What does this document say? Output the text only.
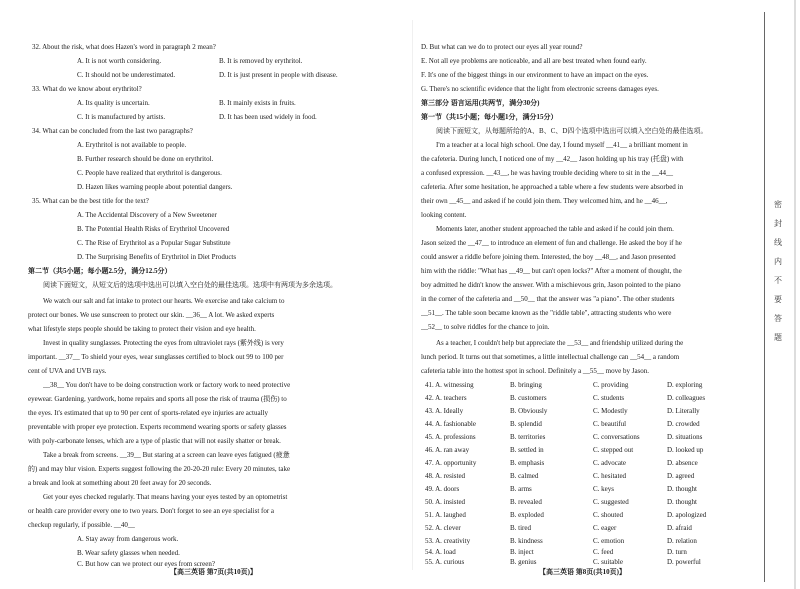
32. About the risk, what does Hazen's word in paragraph 2 mean?
A. It is not worth considering.	B. It is removed by erythritol.
C. It should not be underestimated.	D. It is just present in people with disease.
33. What do we know about erythritol?
A. Its quality is uncertain.	B. It mainly exists in fruits.
C. It is manufactured by artists.	D. It has been used widely in food.
34. What can be concluded from the last two paragraphs?
A. Erythritol is not available to people.
B. Further research should be done on erythritol.
C. People have realized that erythritol is dangerous.
D. Hazen likes warning people about potential dangers.
35. What can be the best title for the text?
A. The Accidental Discovery of a New Sweetener
B. The Potential Health Risks of Erythritol Uncovered
C. The Rise of Erythritol as a Popular Sugar Substitute
D. The Surprising Benefits of Erythritol in Diet Products
第二节（共5小题；每小题2.5分，满分12.5分）
阅读下面短文，从短文后的选项中选出可以填入空白处的最佳选项。选项中有两项为多余选项。
We watch our salt and fat intake to protect our hearts. We exercise and take calcium to
protect our bones. We use sunscreen to protect our skin. __36__ A lot. We asked experts
what lifestyle steps people should be taking to protect their vision and eye health.
Invest in quality sunglasses. Protecting the eyes from ultraviolet rays (紫外线) is very
important. __37__ To shield your eyes, wear sunglasses certified to block out 99 to 100 per
cent of UVA and UVB rays.
__38__ You don't have to be doing construction work or factory work to need protective
eyewear. Gardening, yardwork, home repairs and sports all pose the risk of trauma (损伤) to
the eyes. It's estimated that up to 90 per cent of sports-related eye injuries are actually
preventable with proper eye protection. Experts recommend wearing sports or safety glasses
with poly-carbonate lenses, which are a type of plastic that will not easily shatter or break.
Take a break from screens. __39__ But staring at a screen can leave eyes fatigued (疲惫
的) and may blur vision. Experts suggest following the 20-20-20 rule: Every 20 minutes, take
a break and look at something about 20 feet away for 20 seconds.
Get your eyes checked regularly. That means having your eyes tested by an optometrist
or health care provider every one to two years. Don't forget to see an eye specialist for a
checkup regularly, if possible. __40__
A. Stay away from dangerous work.
B. Wear safety glasses when needed.
C. But how can we protect our eyes from screen?
【高三英语 第7页(共10页)】
D. But what can we do to protect our eyes all year round?
E. Not all eye problems are noticeable, and all are best treated when found early.
F. It's one of the biggest things in our environment to have an impact on the eyes.
G. There's no scientific evidence that the light from electronic screens damages eyes.
第三部分 语言运用(共两节，满分30分)
第一节（共15小题；每小题1分，满分15分）
阅读下面短文，从每题所给的A、B、C、D四个选项中选出可以填入空白处的最佳选项。
I'm a teacher at a local high school. One day, I found myself __41__ a brilliant moment in
the cafeteria. During lunch, I noticed one of my __42__ Jason holding up his tray (托盘) with
a confused expression. __43__, he was having trouble deciding where to sit in the __44__
cafeteria. After some hesitation, he approached a table where a few students were absorbed in
their own __45__ and asked if he could join them. They welcomed him, and he __46__,
looking content.
Moments later, another student approached the table and asked if he could join them.
Jason seized the __47__ to introduce an element of fun and challenge. He asked the boy if he
could answer a riddle before joining them. Interested, the boy __48__, and Jason presented
him with the riddle: "What has __49__ but can't open locks?" After a moment of thought, the
boy admitted he didn't know the answer. With a mischievous grin, Jason pointed to the piano
in the corner of the cafeteria and __50__ that the answer was "a piano". The other students
__51__. The table soon became known as the "riddle table", attracting students who were
__52__ to solve riddles for the chance to join.
As a teacher, I couldn't help but appreciate the __53__ and friendship utilized during the
lunch period. It turns out that sometimes, a little intellectual challenge can __54__ a random
cafeteria table into the hottest spot in school. Definitely a __55__ move by Jason.
41. A. witnessing	B. bringing	C. providing	D. exploring
42. A. teachers	B. customers	C. students	D. colleagues
43. A. Ideally	B. Obviously	C. Modestly	D. Literally
44. A. fashionable	B. splendid	C. beautiful	D. crowded
45. A. professions	B. territories	C. conversations	D. situations
46. A. ran away	B. settled in	C. stepped out	D. looked up
47. A. opportunity	B. emphasis	C. advocate	D. absence
48. A. resisted	B. calmed	C. hesitated	D. agreed
49. A. doors	B. arms	C. keys	D. thought
50. A. insisted	B. revealed	C. suggested	D. thought
51. A. laughed	B. exploded	C. shouted	D. apologized
52. A. clever	B. tired	C. eager	D. afraid
53. A. creativity	B. kindness	C. emotion	D. relation
54. A. load	B. inject	C. feed	D. turn
55. A. curious	B. genius	C. suitable	D. powerful
【高三英语 第8页(共10页)】
密
封
线
内
不
要
答
题
